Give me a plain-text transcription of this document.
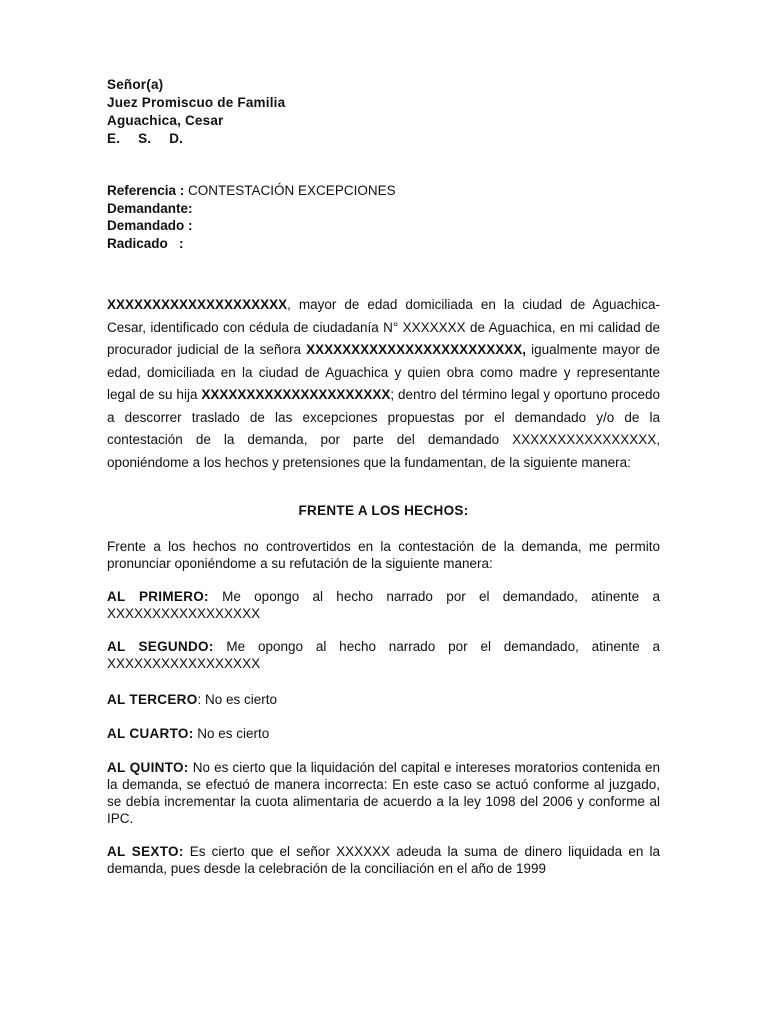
Señor(a)
Juez Promiscuo de Familia
Aguachica, Cesar
E. S. D.
Referencia : CONTESTACIÓN EXCEPCIONES
Demandante:
Demandado :
Radicado   :
XXXXXXXXXXXXXXXXXXXX, mayor de edad domiciliada en la ciudad de Aguachica-Cesar, identificado con cédula de ciudadanía N° XXXXXXX de Aguachica, en mi calidad de procurador judicial de la señora XXXXXXXXXXXXXXXXXXXXXXXX, igualmente mayor de edad, domiciliada en la ciudad de Aguachica y quien obra como madre y representante legal de su hija XXXXXXXXXXXXXXXXXXXXX; dentro del término legal y oportuno procedo a descorrer traslado de las excepciones propuestas por el demandado y/o de la contestación de la demanda, por parte del demandado XXXXXXXXXXXXXXXX, oponiéndome a los hechos y pretensiones que la fundamentan, de la siguiente manera:
FRENTE A LOS HECHOS:

Frente a los hechos no controvertidos en la contestación de la demanda, me permito pronunciar oponiéndome a su refutación de la siguiente manera:

AL PRIMERO: Me opongo al hecho narrado por el demandado, atinente a XXXXXXXXXXXXXXXXX

AL SEGUNDO: Me opongo al hecho narrado por el demandado, atinente a XXXXXXXXXXXXXXXXX

AL TERCERO: No es cierto

AL CUARTO: No es cierto

AL QUINTO: No es cierto que la liquidación del capital e intereses moratorios contenida en la demanda, se efectuó de manera incorrecta: En este caso se actuó conforme al juzgado, se debía incrementar la cuota alimentaria de acuerdo a la ley 1098 del 2006 y conforme al IPC.

AL SEXTO: Es cierto que el señor XXXXXX adeuda la suma de dinero liquidada en la demanda, pues desde la celebración de la conciliación en el año de 1999
